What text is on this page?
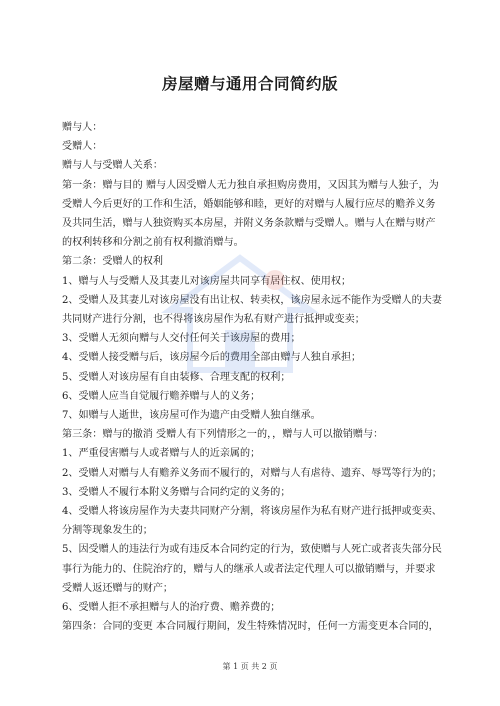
房屋赠与通用合同简约版

赠与人：

受赠人：

赠与人与受赠人关系：

第一条：赠与目的 赠与人因受赠人无力独自承担购房费用，又因其为赠与人独子，为

受赠人今后更好的工作和生活，婚姻能够和睦，更好的对赠与人履行应尽的赡养义务

及共同生活，赠与人独资购买本房屋，并附义务条款赠与受赠人。赠与人在赠与财产

的权利转移和分割之前有权利撤消赠与。

第二条：受赠人的权利

1、赠与人与受赠人及其妻儿对该房屋共同享有居住权、使用权；

2、受赠人及其妻儿对该房屋没有出让权、转卖权，该房屋永远不能作为受赠人的夫妻

共同财产进行分割，也不得将该房屋作为私有财产进行抵押或变卖；

3、受赠人无须向赠与人交付任何关于该房屋的费用；

4、受赠人接受赠与后，该房屋今后的费用全部由赠与人独自承担；

5、受赠人对该房屋有自由装修、合理支配的权利；

6、受赠人应当自觉履行赡养赠与人的义务；

7、如赠与人逝世，该房屋可作为遗产由受赠人独自继承。

第三条：赠与的撤消 受赠人有下列情形之一的，，赠与人可以撤销赠与：

1、严重侵害赠与人或者赠与人的近亲属的；

2、受赠人对赠与人有赡养义务而不履行的，对赠与人有虐待、遗弃、辱骂等行为的；

3、受赠人不履行本附义务赠与合同约定的义务的；

4、受赠人将该房屋作为夫妻共同财产分割，将该房屋作为私有财产进行抵押或变卖、

分割等现象发生的；

5、因受赠人的违法行为或有违反本合同约定的行为，致使赠与人死亡或者丧失部分民

事行为能力的、住院治疗的，赠与人的继承人或者法定代理人可以撤销赠与，并要求

受赠人返还赠与的财产；

6、受赠人拒不承担赠与人的治疗费、赡养费的；

第四条：合同的变更 本合同履行期间，发生特殊情况时，任何一方需变更本合同的，

第 1 页 共 2 页
